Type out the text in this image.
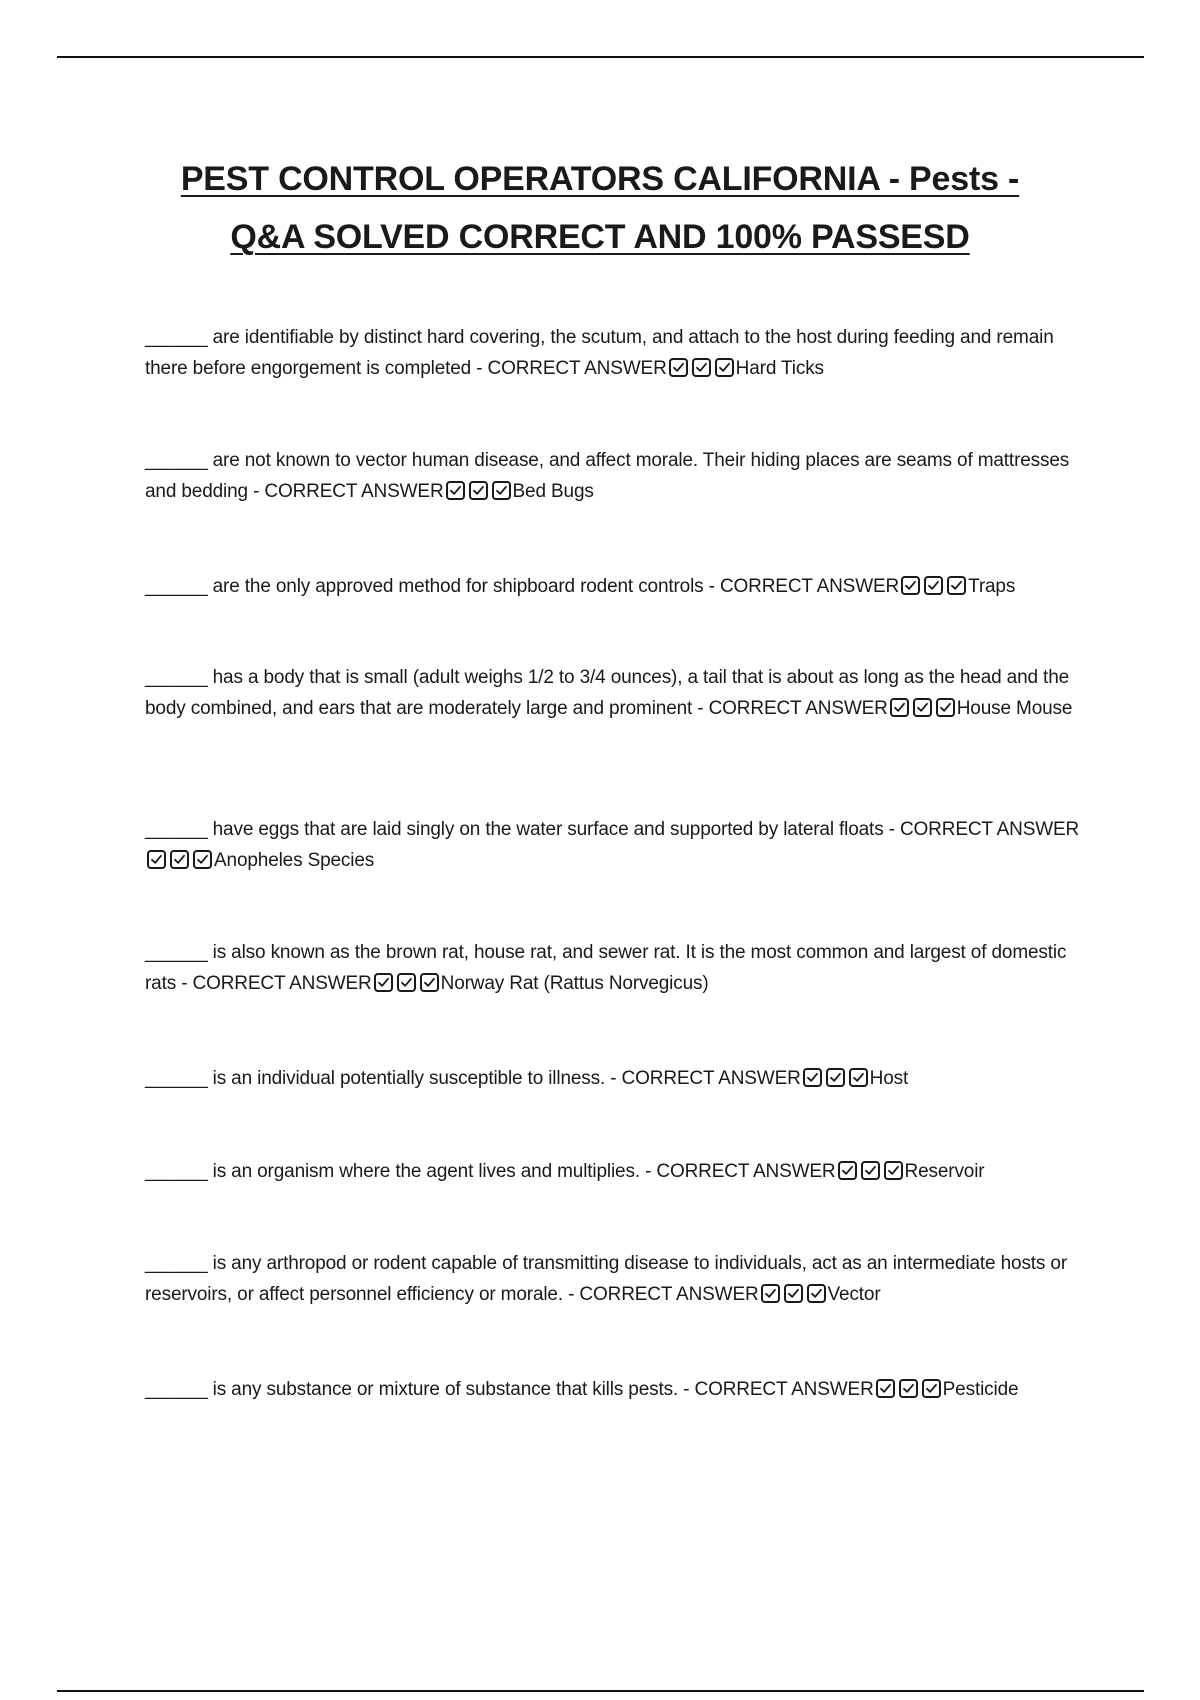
PEST CONTROL OPERATORS CALIFORNIA - Pests -
Q&A SOLVED CORRECT AND 100% PASSESD
______ are identifiable by distinct hard covering, the scutum, and attach to the host during feeding and remain there before engorgement is completed - CORRECT ANSWER	Hard Ticks
______ are not known to vector human disease, and affect morale. Their hiding places are seams of mattresses and bedding - CORRECT ANSWER	Bed Bugs
______ are the only approved method for shipboard rodent controls - CORRECT ANSWER	Traps
______ has a body that is small (adult weighs 1/2 to 3/4 ounces), a tail that is about as long as the head and the body combined, and ears that are moderately large and prominent - CORRECT ANSWER	House Mouse
______ have eggs that are laid singly on the water surface and supported by lateral floats - CORRECT ANSWER
Anopheles Species
______ is also known as the brown rat, house rat, and sewer rat. It is the most common and largest of domestic rats - CORRECT ANSWER	Norway Rat (Rattus Norvegicus)
______ is an individual potentially susceptible to illness. - CORRECT ANSWER	Host
______ is an organism where the agent lives and multiplies. - CORRECT ANSWER	Reservoir
______ is any arthropod or rodent capable of transmitting disease to individuals, act as an intermediate hosts or reservoirs, or affect personnel efficiency or morale. - CORRECT ANSWER	Vector
______ is any substance or mixture of substance that kills pests. - CORRECT ANSWER	Pesticide
